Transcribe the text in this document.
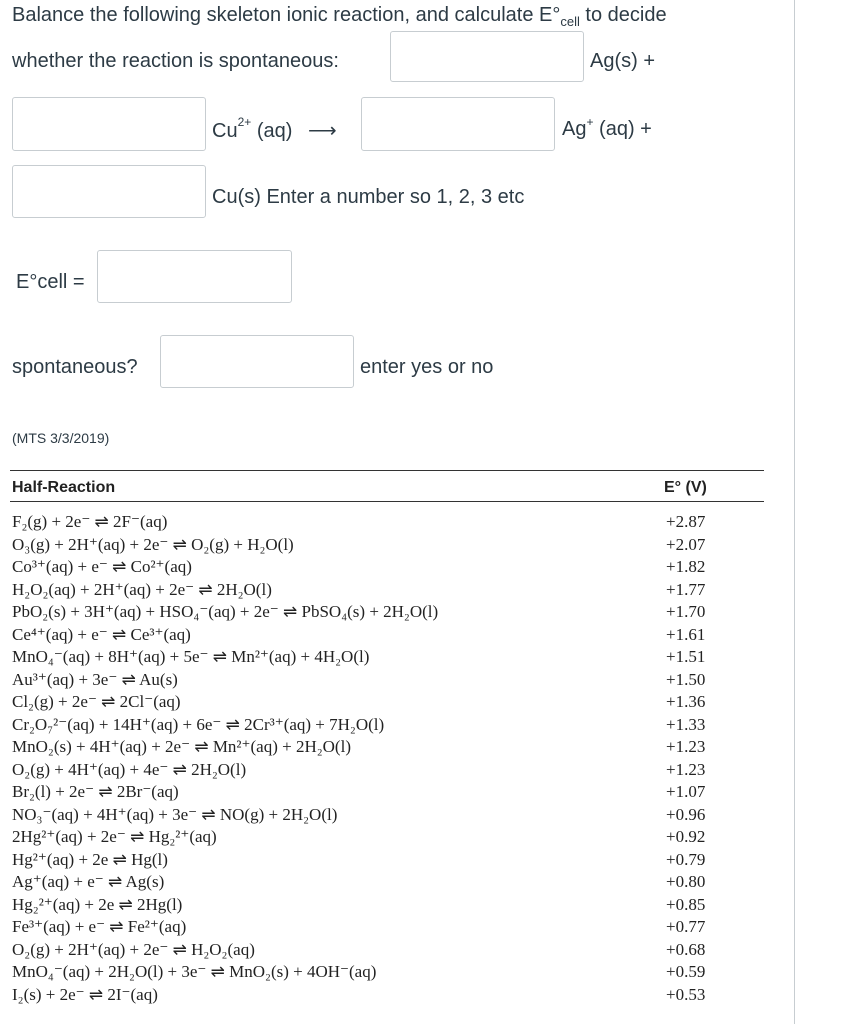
Balance the following skeleton ionic reaction, and calculate $E^\circ_{cell}$ to decide
whether the reaction is spontaneous:	Ag(s) +
$Cu^{2+}$ (aq) ⟶	Ag+ (aq) +
Cu(s) Enter a number so 1, 2, 3 etc
E°cell =
spontaneous?	enter yes or no
(MTS 3/3/2019)
Half-Reaction	E° (V)
F₂(g) + 2e⁻ ⇌ 2F⁻(aq)	+2.87
O₃(g) + 2H⁺(aq) + 2e⁻ ⇌ O₂(g) + H₂O(l)	+2.07
Co³⁺(aq) + e⁻ ⇌ Co²⁺(aq)	+1.82
H₂O₂(aq) + 2H⁺(aq) + 2e⁻ ⇌ 2H₂O(l)	+1.77
PbO₂(s) + 3H⁺(aq) + HSO₄⁻(aq) + 2e⁻ ⇌ PbSO₄(s) + 2H₂O(l)	+1.70
Ce⁴⁺(aq) + e⁻ ⇌ Ce³⁺(aq)	+1.61
MnO₄⁻(aq) + 8H⁺(aq) + 5e⁻ ⇌ Mn²⁺(aq) + 4H₂O(l)	+1.51
Au³⁺(aq) + 3e⁻ ⇌ Au(s)	+1.50
Cl₂(g) + 2e⁻ ⇌ 2Cl⁻(aq)	+1.36
Cr₂O₇²⁻(aq) + 14H⁺(aq) + 6e⁻ ⇌ 2Cr³⁺(aq) + 7H₂O(l)	+1.33
MnO₂(s) + 4H⁺(aq) + 2e⁻ ⇌ Mn²⁺(aq) + 2H₂O(l)	+1.23
O₂(g) + 4H⁺(aq) + 4e⁻ ⇌ 2H₂O(l)	+1.23
Br₂(l) + 2e⁻ ⇌ 2Br⁻(aq)	+1.07
NO₃⁻(aq) + 4H⁺(aq) + 3e⁻ ⇌ NO(g) + 2H₂O(l)	+0.96
2Hg²⁺(aq) + 2e⁻ ⇌ Hg₂²⁺(aq)	+0.92
Hg²⁺(aq) + 2e ⇌ Hg(l)	+0.79
Ag⁺(aq) + e⁻ ⇌ Ag(s)	+0.80
Hg₂²⁺(aq) + 2e ⇌ 2Hg(l)	+0.85
Fe³⁺(aq) + e⁻ ⇌ Fe²⁺(aq)	+0.77
O₂(g) + 2H⁺(aq) + 2e⁻ ⇌ H₂O₂(aq)	+0.68
MnO₄⁻(aq) + 2H₂O(l) + 3e⁻ ⇌ MnO₂(s) + 4OH⁻(aq)	+0.59
I₂(s) + 2e⁻ ⇌ 2I⁻(aq)	+0.53
